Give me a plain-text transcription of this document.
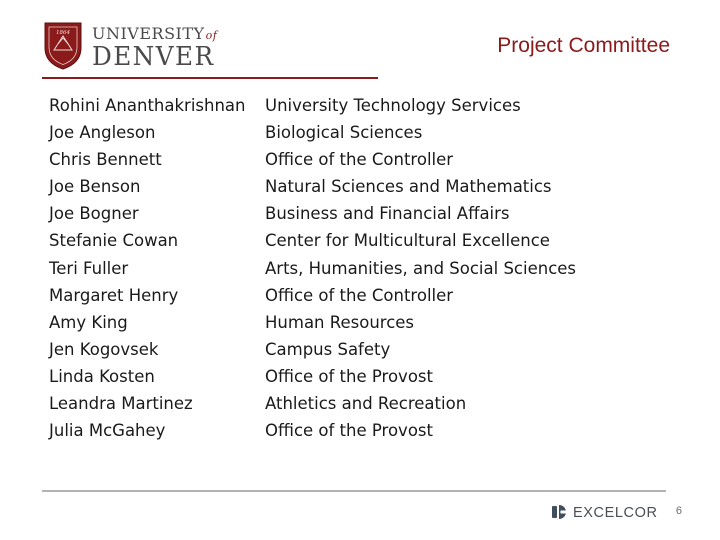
1864 UNIVERSITYof
DENVER	Project Committee
Rohini Ananthakrishnan University Technology Services
Joe Angleson	Biological Sciences
Chris Bennett	Office of the Controller
Joe Benson	Natural Sciences and Mathematics
Joe Bogner	Business and Financial Affairs
Stefanie Cowan	Center for Multicultural Excellence
Teri Fuller	Arts, Humanities, and Social Sciences
Margaret Henry	Office of the Controller
Amy King	Human Resources
Jen Kogovsek	Campus Safety
Linda Kosten	Office of the Provost
Leandra Martinez	Athletics and Recreation
Julia McGahey	Office of the Provost
EXCELCOR	6
